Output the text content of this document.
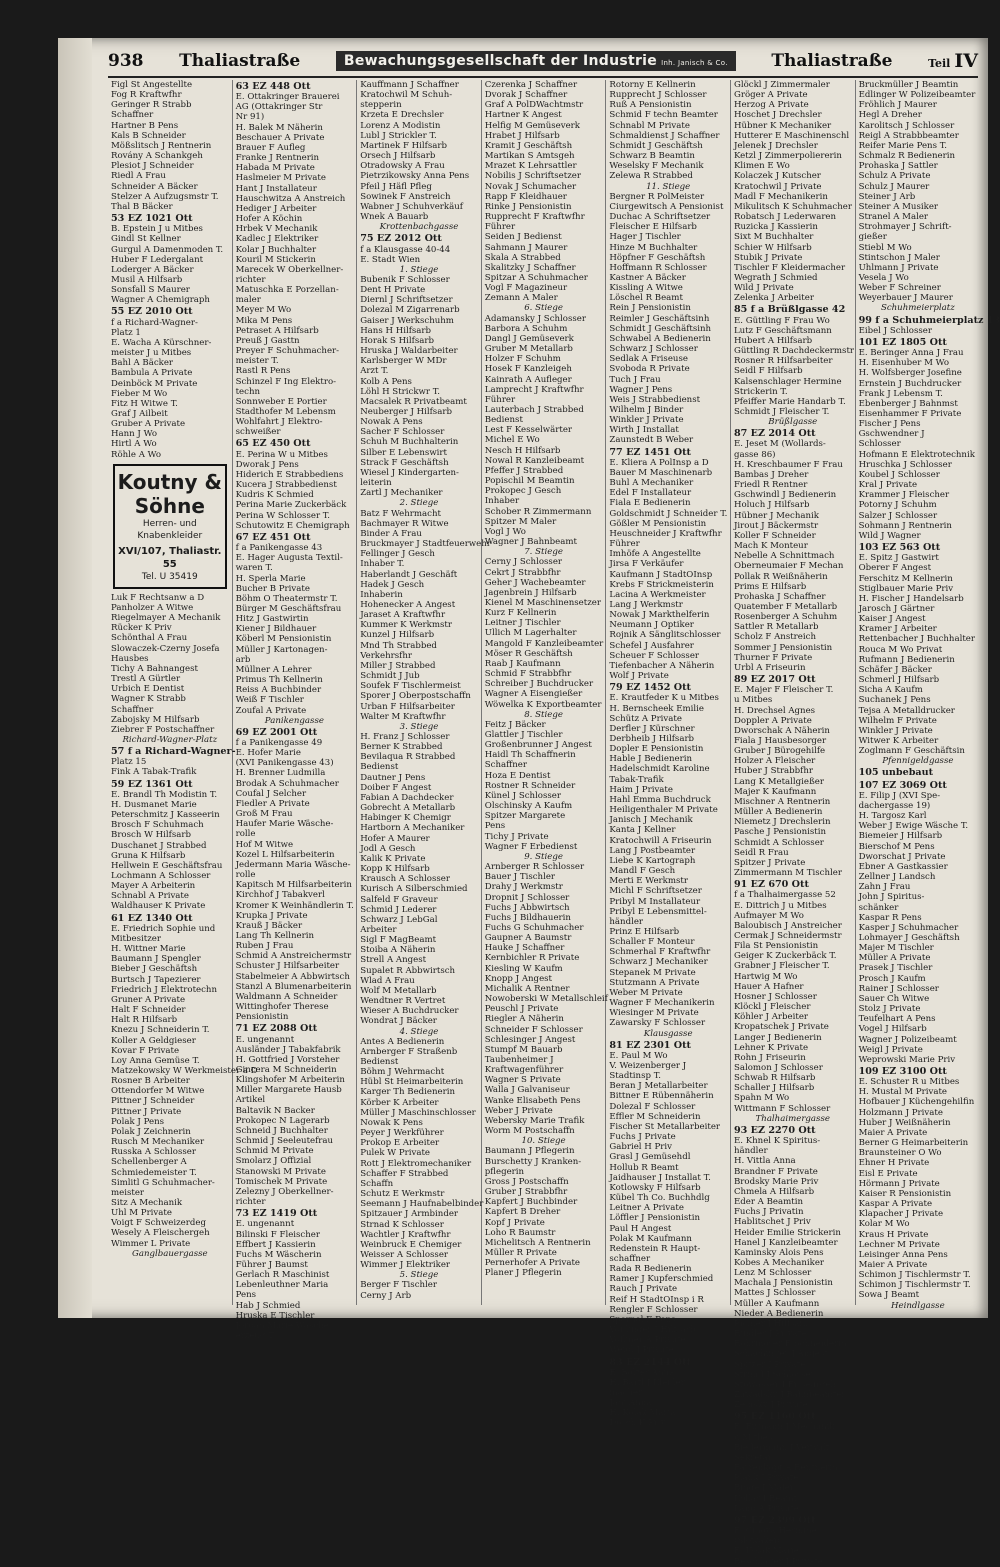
938 Thaliastraße	Bewachungsgesellschaft der Industrie Inh. Janisch & Co.	Thaliastraße	Teil IV
Figl St Angestellte
Fog R Kraftwfhr
Geringer R Strabb
Schaffner
Hartner B Pens
Kals B Schneider
Mößslitsch J Rentnerin
Rovány A Schankgeh
Plesiot J Schneider
Riedl A Frau
Schneider A Bäcker
Stelzer A Aufzugsmstr T.
Thal B Bäcker
53 EZ 1021 Ott
B. Epstein J u Mitbes
Gindl St Kellner
Gurgul A Damenmoden T.
Huber F Ledergalant
Loderger A Bäcker
Musil A Hilfsarb
Sonsfall S Maurer
Wagner A Chemigraph
55 EZ 2010 Ott
f a Richard-Wagner-
Platz 1
E. Wacha A Kürschner-
meister J u Mitbes
Bahl A Bäcker
Bambula A Private
Deinböck M Private
Fieber M Wo
Fitz H Witwe T.
Graf J Ailbeit
Gruber A Private
Hann J Wo
Hirtl A Wo
Röhle A Wo
Koutny & Söhne
Herren- und Knabenkleider
XVI/107, Thaliastr. 55
Tel. U 35419
Luk F Rechtsanw a D
Panholzer A Witwe
Riegelmayer A Mechanik
Rücker K Priv
Schönthal A Frau
Slowaczek-Czerny Josefa
Hausbes
Tichy A Bahnangest
Trestl A Gürtler
Urbich E Dentist
Wagner K Strabb
Schaffner
Zabojsky M Hilfsarb
Ziebrer F Postschaffner
Richard-Wagner-Platz
57 f a Richard-Wagner-
Platz 15
Fink A Tabak-Trafik
59 EZ 1361 Ott
E. Brandl Th Modistin T.
H. Dusmanet Marie
Peterschmitz J Kasseerin
Brosch F Schuhmach
Brosch W Hilfsarb
Duschanet J Strabbed
Gruna K Hilfsarb
Hellwein E Geschäftsfrau
Lochmann A Schlosser
Mayer A Arbeiterin
Schnabl A Private
Waldhauser K Private
61 EZ 1340 Ott
E. Friedrich Sophie und
Mitbesitzer
H. Wittner Marie
Baumann J Spengler
Bieber J Geschäftsh
Burtsch J Tapezierer
Friedrich J Elektrotechn
Gruner A Private
Halt F Schneider
Halt R Hilfsarb
Knezu J Schneiderin T.
Koller A Geldgieser
Kovar F Private
Loy Anna Gemüse T.
Matzekowsky W Werkmeister a D
Rosner B Arbeiter
Ottendorfer M Witwe
Pittner J Schneider
Pittner J Private
Polak J Pens
Polak J Zeichnerin
Rusch M Mechaniker
Russka A Schlosser
Schellenberger A
Schmiedemeister T.
Simlitl G Schuhmacher-
meister
Sitz A Mechanik
Uhl M Private
Voigt F Schweizerdeg
Wesely A Fleischergeh
Wimmer L Private
Ganglbauergasse
63 EZ 448 Ott
E. Ottakringer Brauerei
AG (Ottakringer Str
Nr 91)
H. Balek M Näherin
Beschauer A Private
Brauer F Aufleg
Franke J Rentnerin
Habada M Private
Haslmeier M Private
Hant J Installateur
Hauschwitza A Anstreich
Hediger J Arbeiter
Hofer A Köchin
Hrbek V Mechanik
Kadlec J Elektriker
Kolar J Buchhalter
Kouril M Stickerin
Marecek W Oberkellner-
richter
Matuschka E Porzellan-
maler
Meyer M Wo
Mika M Pens
Petraset A Hilfsarb
Preuß J Gasttn
Preyer F Schuhmacher-
meister T.
Rastl R Pens
Schinzel F Ing Elektro-
techn
Sonnweber E Portier
Stadthofer M Lebensm
Wohlfahrt J Elektro-
schweißer
65 EZ 450 Ott
E. Perina W u Mitbes
Dworak J Pens
Hiderich E Strabbediens
Kucera J Strabbedienst
Kudris K Schmied
Perina Marie Zuckerbäck
Perina W Schlosser T.
Schutowitz E Chemigraph
67 EZ 451 Ott
f a Panikengasse 43
E. Hager Augusta Textil-
waren T.
H. Sperla Marie
Bucher B Private
Böhm O Theatermstr T.
Bürger M Geschäftsfrau
Hitz J Gastwirtin
Kiener J Bildhauer
Köberl M Pensionistin
Müller J Kartonagen-
arb
Müllner A Lehrer
Primus Th Kellnerin
Reiss A Buchbinder
Weiß F Tischler
Zoufal A Private
Panikengasse
69 EZ 2001 Ott
f a Panikengasse 49
E. Hofer Marie
(XVI Panikengasse 43)
H. Brenner Ludmilla
Brodak A Schuhmacher
Coufal J Selcher
Fiedler A Private
Groß M Frau
Haufer Marie Wäsche-
rolle
Hof M Witwe
Kozel L Hilfsarbeiterin
Jedermann Maria Wäsche-
rolle
Kapitsch M Hilfsarbeiterin
Kirchhof J Tabakverl
Kromer K Weinhändlerin T.
Krupka J Private
Krauß J Bäcker
Lang Th Kellnerin
Ruben J Frau
Schmid A Anstreichermstr
Schuster J Hilfsarbeiter
Stabelmeier A Abbwirtsch
Stanzl A Blumenarbeiterin
Waldmann A Schneider
Wittinghofer Therese
Pensionistin
71 EZ 2088 Ott
E. ungenannt
Ausländer J Tabakfabrik
H. Gottfried J Vorsteher
Gincera M Schneiderin
Klingshofer M Arbeiterin
Miller Margarete Hausb
Artikel
Baltavik N Backer
Prokopec N Lagerarb
Schneid J Buchhalter
Schmid J Seeleutefrau
Schmid M Private
Smolarz J Offizial
Stanowski M Private
Tomischek M Private
Zelezny J Oberkellner-
richter
73 EZ 1419 Ott
E. ungenannt
Bilinski F Fleischer
Effbert J Kassierin
Fuchs M Wäscherin
Führer J Baumst
Gerlach R Maschinist
Lebenleuthner Maria
Pens
Hab J Schmied
Hruska E Tischler
Jordan Marie Wäsche-
erzeug T.
Kauffmann J Schaffner
Kratochwil M Schuh-
stepperin
Krzeta E Drechsler
Lorenz A Modistin
Lubl J Strickler T.
Martinek F Hilfsarb
Orsech J Hilfsarb
Otradowsky A Frau
Pietrzikowsky Anna Pens
Pfeil J Häfl Pfleg
Sowinek F Anstreich
Wabner J Schuhverkäuf
Wnek A Bauarb
Krottenbachgasse
75 EZ 2012 Ott
f a Klausgasse 40-44
E. Stadt Wien
1. Stiege
Bubenik F Schlosser
Dent H Private
Diernl J Schriftsetzer
Dolezal M Zigarrenarb
Gaiser J Werkschuhm
Hans H Hilfsarb
Horak S Hilfsarb
Hruska J Waldarbeiter
Karlsberger W MDr
Arzt T.
Kolb A Pens
Löhl H Strickwr T.
Macsalek R Privatbeamt
Neuberger J Hilfsarb
Nowak A Pens
Sacher F Schlosser
Schuh M Buchhalterin
Silber E Lebenswirt
Strack F Geschäftsh
Wiesel J Kindergarten-
leiterin
Zartl J Mechaniker
2. Stiege
Batz F Wehrmacht
Bachmayer R Witwe
Binder A Frau
Bruckmayer J Stadtfeuerwehr
Fellinger J Gesch
Inhaber T.
Haberlandt J Geschäft
Hadek J Gesch
Inhaberin
Hohenecker A Angest
Jaraset A Kraftwfhr
Kummer K Werkmstr
Kunzel J Hilfsarb
Mnd Th Strabbed
Verkehrsfhr
Miller J Strabbed
Schmidt J Jub
Soufek F Tischlermeist
Sporer J Oberpostschaffn
Urban F Hilfsarbeiter
Walter M Kraftwfhr
3. Stiege
H. Franz J Schlosser
Berner K Strabbed
Bevilaqua R Strabbed
Bedienst
Dautner J Pens
Doiber F Angest
Fabian A Dachdecker
Gobrecht A Metallarb
Habinger K Chemigr
Hartborn A Mechaniker
Hofer A Maurer
Jodl A Gesch
Kalik K Private
Kopp K Hilfsarb
Krausch A Schlosser
Kurisch A Silberschmied
Salfeld F Graveur
Schmid J Lederer
Schwarz J LebGal
Arbeiter
Sigl F MagBeamt
Stoiba A Näherin
Strell A Angest
Supalet R Abbwirtsch
Wlad A Frau
Wolf M Metallarb
Wendtner R Vertret
Wieser A Buchdrucker
Wondrat J Bäcker
4. Stiege
Antes A Bedienerin
Arnberger F Straßenb
Bedienst
Böhm J Wehrmacht
Hübl St Heimarbeiterin
Karger Th Bedienerin
Körber K Arbeiter
Müller J Maschinschlosser
Nowak K Pens
Peyer J Werkführer
Prokop E Arbeiter
Pulek W Private
Rott J Elektromechaniker
Schaffer F Strabbed
Schaffn
Schutz E Werkmstr
Seemann J Haufnabelbinder
Spitzauer J Armbinder
Strnad K Schlosser
Wachtler J Kraftwfhr
Weinbruck E Chemiger
Weisser A Schlosser
Wimmer J Elektriker
5. Stiege
Berger F Tischler
Cerny J Arb
Czerenka J Schaffner
Dvorak J Schaffner
Graf A PolDWachtmstr
Hartner K Angest
Helfig M Gemüseverk
Hrabet J Hilfsarb
Kramit J Geschäftsh
Martikan S Amtsgeh
Mrazet K Lehrsattler
Nobilis J Schriftsetzer
Novak J Schumacher
Rapp F Kleidhauer
Rinke J Pensionistin
Rupprecht F Kraftwfhr
Führer
Seiden J Bedienst
Sahmann J Maurer
Skala A Strabbed
Skalitzky J Schaffner
Spitzar A Schuhmacher
Vogl F Magazineur
Zemann A Maler
6. Stiege
Adamansky J Schlosser
Barbora A Schuhm
Dangl J Gemüseverk
Gruber M Metallarb
Holzer F Schuhm
Hosek F Kanzleigeh
Kainrath A Aufleger
Lamprecht J Kraftwfhr
Führer
Lauterbach J Strabbed
Bedienst
Lest F Kesselwärter
Michel E Wo
Nesch H Hilfsarb
Nowal R Kanzleibeamt
Pfeffer J Strabbed
Popischil M Beamtin
Prokopec J Gesch
Inhaber
Schober R Zimmermann
Spitzer M Maler
Vogl J Wo
Wagner J Bahnbeamt
7. Stiege
Cerny J Schlosser
Cekrt J Strabbfhr
Geher J Wachebeamter
Jagenbrein J Hilfsarb
Kienel M Maschinensetzer
Kurz F Kellnerin
Leitner J Tischler
Ullich M Lagerhalter
Mangold F Kanzleibeamter
Möser R Geschäftsh
Raab J Kaufmann
Schmid F Strabbfhr
Schreiber J Buchdrucker
Wagner A Eisengießer
Wöwelka K Exportbeamter
8. Stiege
Feitz J Bäcker
Glattler J Tischler
Großenbrunner J Angest
Haidl Th Schaffnerin
Schaffner
Hoza E Dentist
Rostner R Schneider
Künel J Schlosser
Olschinsky A Kaufm
Spitzer Margarete
Pens
Tichy J Private
Wagner F Erbedienst
9. Stiege
Arnberger R Schlosser
Bauer J Tischler
Drahy J Werkmstr
Dropnit J Schlosser
Fuchs J Abbwirtsch
Fuchs J Bildhauerin
Fuchs G Schuhmacher
Gaupner A Baumstr
Hauke J Schaffner
Kernbichler R Private
Kiesling W Kaufm
Knopp J Angest
Michalik A Rentner
Nowoberski W Metallschleif
Peuschl J Private
Riegler A Näherin
Schneider F Schlosser
Schlesinger J Angest
Stumpf M Bauarb
Taubenheimer J
Kraftwagenführer
Wagner S Private
Walla J Galvaniseur
Wanke Elisabeth Pens
Weber J Private
Webersky Marie Trafik
Worm M Postschaffn
10. Stiege
Baumann J Pflegerin
Burschetty J Kranken-
pflegerin
Gross J Postschaffn
Gruber J Strabbfhr
Kapfert J Buchbinder
Kapfert B Dreher
Kopf J Private
Loho R Baumstr
Michelitsch A Rentnerin
Müller R Private
Pernerhofer A Private
Planer J Pflegerin
Rotorny E Kellnerin
Rupprecht J Schlosser
Ruß A Pensionistin
Schmid F techn Beamter
Schnabl M Private
Schmaldienst J Schaffner
Schmidt J Geschäftsh
Schwarz B Beamtin
Weselsky F Mechanik
Zelewa R Strabbed
11. Stiege
Bergner R PolMeister
Ciurgewitsch A Pensionist
Duchac A Schriftsetzer
Fleischer E Hilfsarb
Hager J Tischler
Hinze M Buchhalter
Höpfner F Geschäftsh
Hoffmann R Schlosser
Kastner A Bäcker
Kissling A Witwe
Löschel R Beamt
Rein J Pensionistin
Reimler J Geschäftsinh
Schmidt J Geschäftsinh
Schwabel A Bedienerin
Schwarz J Schlosser
Sedlak A Friseuse
Svoboda R Private
Tuch J Frau
Wagner J Pens
Weis J Strabbedienst
Wilhelm J Binder
Winkler J Private
Wirth J Installat
Zaunstedt B Weber
77 EZ 1451 Ott
E. Kliera A PolInsp a D
Bauer M Maschinenarb
Buhl A Mechaniker
Edel F Installateur
Fiala E Bedienerin
Goldschmidt J Schneider T.
Gößler M Pensionistin
Heuschneider J Kraftwfhr
Führer
Imhöfe A Angestellte
Jirsa F Verkäufer
Kaufmann J StadtOInsp
Krebs F Strickmeisterin
Lacina A Werkmeister
Lang J Werkmstr
Nowak J Markthelferin
Neumann J Optiker
Rojnik A Sänglitschlosser
Schefel J Ausfahrer
Scheuer F Schlosser
Tiefenbacher A Näherin
Wolf J Private
79 EZ 1452 Ott
E. Krautfeder K u Mitbes
H. Bernscheek Emilie
Schütz A Private
Derfler J Kürschner
Derbheib J Hilfsarb
Dopler E Pensionistin
Hable J Bedienerin
Hadelschmidt Karoline
Tabak-Trafik
Haim J Private
Hahl Emma Buchdruck
Heiligenthaler M Private
Janisch J Mechanik
Kanta J Kellner
Kratochwill A Friseurin
Lang J Postbeamter
Liebe K Kartograph
Mandl F Gesch
Merti E Werkmstr
Michl F Schriftsetzer
Pribyl M Installateur
Pribyl E Lebensmittel-
händler
Prinz E Hilfsarb
Schaller F Monteur
Schmerhal F Kraftwfhr
Schwarz J Mechaniker
Stepanek M Private
Stutzmann A Private
Weber M Private
Wagner F Mechanikerin
Wiesinger M Private
Zawarsky F Schlosser
Klausgasse
81 EZ 2301 Ott
E. Paul M Wo
V. Weizenberger J
Stadtinsp T.
Beran J Metallarbeiter
Bittner E Rübennäherin
Dolezal F Schlosser
Effler M Schneiderin
Fischer St Metallarbeiter
Fuchs J Private
Gabriel H Priv
Grasl J Gemüsehdl
Hollub R Beamt
Jaidhauser J Installat T.
Kotlowsky F Hilfsarb
Kübel Th Co. Buchhdlg
Leitner A Private
Löffler J Pensionistin
Paul H Angest
Polak M Kaufmann
Redenstein R Haupt-
schaffner
Rada R Bedienerin
Ramer J Kupferschmied
Rauch J Private
Reif H StadtOInsp i R
Rengler F Schlosser
Spernol E Pens
Voßlinger J Hilfsarb
Vollmer A Private
Weigl J Private
83 EZ 2144 Ott
E. Bolzer Anna
H. Bartl J Kleider-
macher
Jani Anna
H. Kolak Maria
Dosch K Priv
Glöckl J Zimmermaler
Gröger A Private
Herzog A Private
Hoschet J Drechsler
Hübner K Mechaniker
Hutterer E Maschinenschl
Jelenek J Drechsler
Ketzl J Zimmerpoliererin
Klimen E Wo
Kolaczek J Kutscher
Kratochwil J Private
Madl F Mechanikerin
Mikulitsch K Schuhmacher
Robatsch J Lederwaren
Ruzicka J Kassierin
Sixt M Buchhalter
Schier W Hilfsarb
Stubik J Private
Tischler F Kleidermacher
Wegrath J Schmied
Wild J Private
Zelenka J Arbeiter
85 f a Brüßlgasse 42
E. Güttling F Frau Wo
Lutz F Geschäftsmann
Hubert A Hilfsarb
Güttling R Dachdeckermstr
Rosner R Hilfsarbeiter
Seidl F Hilfsarb
Kalsenschlager Hermine
Strickerin T.
Pfeiffer Marie Handarb T.
Schmidt J Fleischer T.
Brüßlgasse
87 EZ 2014 Ott
E. Jeset M (Wollards-
gasse 86)
H. Kreschbaumer F Frau
Bambas J Dreher
Friedl R Rentner
Gschwindl J Bedienerin
Holuch J Hilfsarb
Hübner J Mechanik
Jirout J Bäckermstr
Koller F Schneider
Mach K Monteur
Nebelle A Schnittmach
Oberneumaier F Mechan
Pollak R Weißnäherin
Prims E Hilfsarb
Prohaska J Schaffner
Quatember F Metallarb
Rosenberger A Schuhm
Sattler R Metallarb
Scholz F Anstreich
Sommer J Pensionistin
Thurner F Private
Urbl A Friseurin
89 EZ 2017 Ott
E. Majer F Fleischer T.
u Mitbes
H. Drechsel Agnes
Doppler A Private
Dworschak A Näherin
Fiala J Hausbesorger
Gruber J Bürogehilfe
Holzer A Fleischer
Huber J Strabbfhr
Lang K Metallgießer
Majer K Kaufmann
Mischner A Rentnerin
Müller A Bedienerin
Niemetz J Drechslerin
Pasche J Pensionistin
Schmidt A Schlosser
Seidl R Frau
Spitzer J Private
Zimmermann M Tischler
91 EZ 670 Ott
f a Thalhaimergasse 52
E. Dittrich J u Mitbes
Aufmayer M Wo
Baloubisch J Anstreicher
Cermak J Schneidermstr
Fila St Pensionistin
Geiger K Zuckerbäck T.
Grabner J Fleischer T.
Hartwig M Wo
Hauer A Hafner
Hosner J Schlosser
Klöckl J Fleischer
Köhler J Arbeiter
Kropatschek J Private
Langer J Bedienerin
Lehner K Private
Rohn J Friseurin
Salomon J Schlosser
Schwab R Hilfsarb
Schaller J Hilfsarb
Spahn M Wo
Wittmann F Schlosser
Thalhaimergasse
93 EZ 2270 Ott
E. Khnel K Spiritus-
händler
H. Vittla Anna
Brandner F Private
Brodsky Marie Priv
Chmela A Hilfsarb
Eder A Beamtin
Fuchs J Privatin
Hablitschet J Priv
Heider Emilie Strickerin
Hanel J Kanzleibeamter
Kaminsky Alois Pens
Kobes A Mechaniker
Lenz M Schlosser
Machala J Pensionistin
Mattes J Schlosser
Müller A Kaufmann
Nieder A Bedienerin
Pichler J Hilfsarb
Rindler J Private
Rohrmoser E Schneiderin
Schachinger J Angest
Spitzer J Private
Strnad J Schlosser
Stowasser J Friseurgeh
Zawadsky J Bahnbeamter
Zemsky J Private
95 EZ 1160 Ott
E. Firmann J Mechanik
u Mitbes
Biedermann J Verwalt
Sekretär
Farrenkopf A Rentnerin
Plank J Private
Binge J Maler
Kollar J Beamt
Lang A Private
97 EZ 2399 Ott
E. Cihova Hermine
(Slowakei)
E. Kolak Marie
Beschlager J Private
Bruckmüller J Beamtin
Edlinger W Polizeibeamter
Fröhlich J Maurer
Hegl A Dreher
Karolitsch J Schlosser
Reigl A Strabbbeamter
Reifer Marie Pens T.
Schmalz R Bedienerin
Prohaska J Sattler
Schulz A Private
Schulz J Maurer
Steiner J Arb
Steiner A Musiker
Stranel A Maler
Strohmayer J Schrift-
gießer
Stiebl M Wo
Stintschon J Maler
Uhlmann J Private
Vesela J Wo
Weber F Schreiner
Weyerbauer J Maurer
Schuhmeierplatz
99 f a Schuhmeierplatz 13
Eibel J Schlosser
101 EZ 1805 Ott
E. Beringer Anna J Frau
H. Eisenhuber M Wo
H. Wolfsberger Josefine
Ernstein J Buchdrucker
Frank J Lebensm T.
Ebenberger J Bahnmst
Eisenhammer F Private
Fischer J Pens
Gschwendner J
Schlosser
Hofmann E Elektrotechnik
Hruschka J Schlosser
Koubel J Schlosser
Kral J Private
Krammer J Fleischer
Potorny J Schuhm
Salzer J Schlosser
Sohmann J Rentnerin
Wild J Wagner
103 EZ 563 Ott
E. Spitz J Gastwirt
Oberer F Angest
Ferschitz M Kellnerin
Stiglbauer Marie Priv
H. Fischer J Handelsarb
Jarosch J Gärtner
Kaiser J Angest
Kramer J Arbeiter
Rettenbacher J Buchhalter
Rouca M Wo Privat
Rufmann J Bedienerin
Schäfer J Bäcker
Schmerl J Hilfsarb
Sicha A Kaufm
Suchanek J Pens
Tejsa A Metalldrucker
Wilhelm F Private
Winkler J Private
Witwer K Arbeiter
Zoglmann F Geschäftsin
Pfennigeldgasse
105 unbebaut
107 EZ 3069 Ott
E. Filip J (XVI Spe-
dachergasse 19)
H. Targosz Karl
Weber J Ewige Wäsche T.
Biemeier J Hilfsarb
Bierschof M Pens
Dworschat J Private
Ebner A Gastkassier
Zellner J Landsch
Zahn J Frau
John J Spiritus-
schänker
Kaspar R Pens
Kasper J Schuhmacher
Lohmayer J Geschäftsh
Majer M Tischler
Müller A Private
Prasek J Tischler
Prosch J Kaufm
Rainer J Schlosser
Sauer Ch Witwe
Stolz J Private
Teufelhart A Pens
Vogel J Hilfsarb
Wagner J Polizeibeamt
Weigl J Private
Weprowski Marie Priv
109 EZ 3100 Ott
E. Schuster R u Mitbes
H. Mustal M Private
Hofbauer J Küchengehilfin
Holzmann J Private
Huber J Weißnäherin
Maier A Private
Berner G Heimarbeiterin
Braunsteiner O Wo
Ehner H Private
Eisl E Private
Hörmann J Private
Kaiser R Pensionistin
Kaspar A Private
Klapacher J Private
Kolar M Wo
Kraus H Private
Lechner M Private
Leisinger Anna Pens
Maier A Private
Schimon J Tischlermstr T.
Schimon J Tischlermstr T.
Sowa J Beamt
Heindlgasse
